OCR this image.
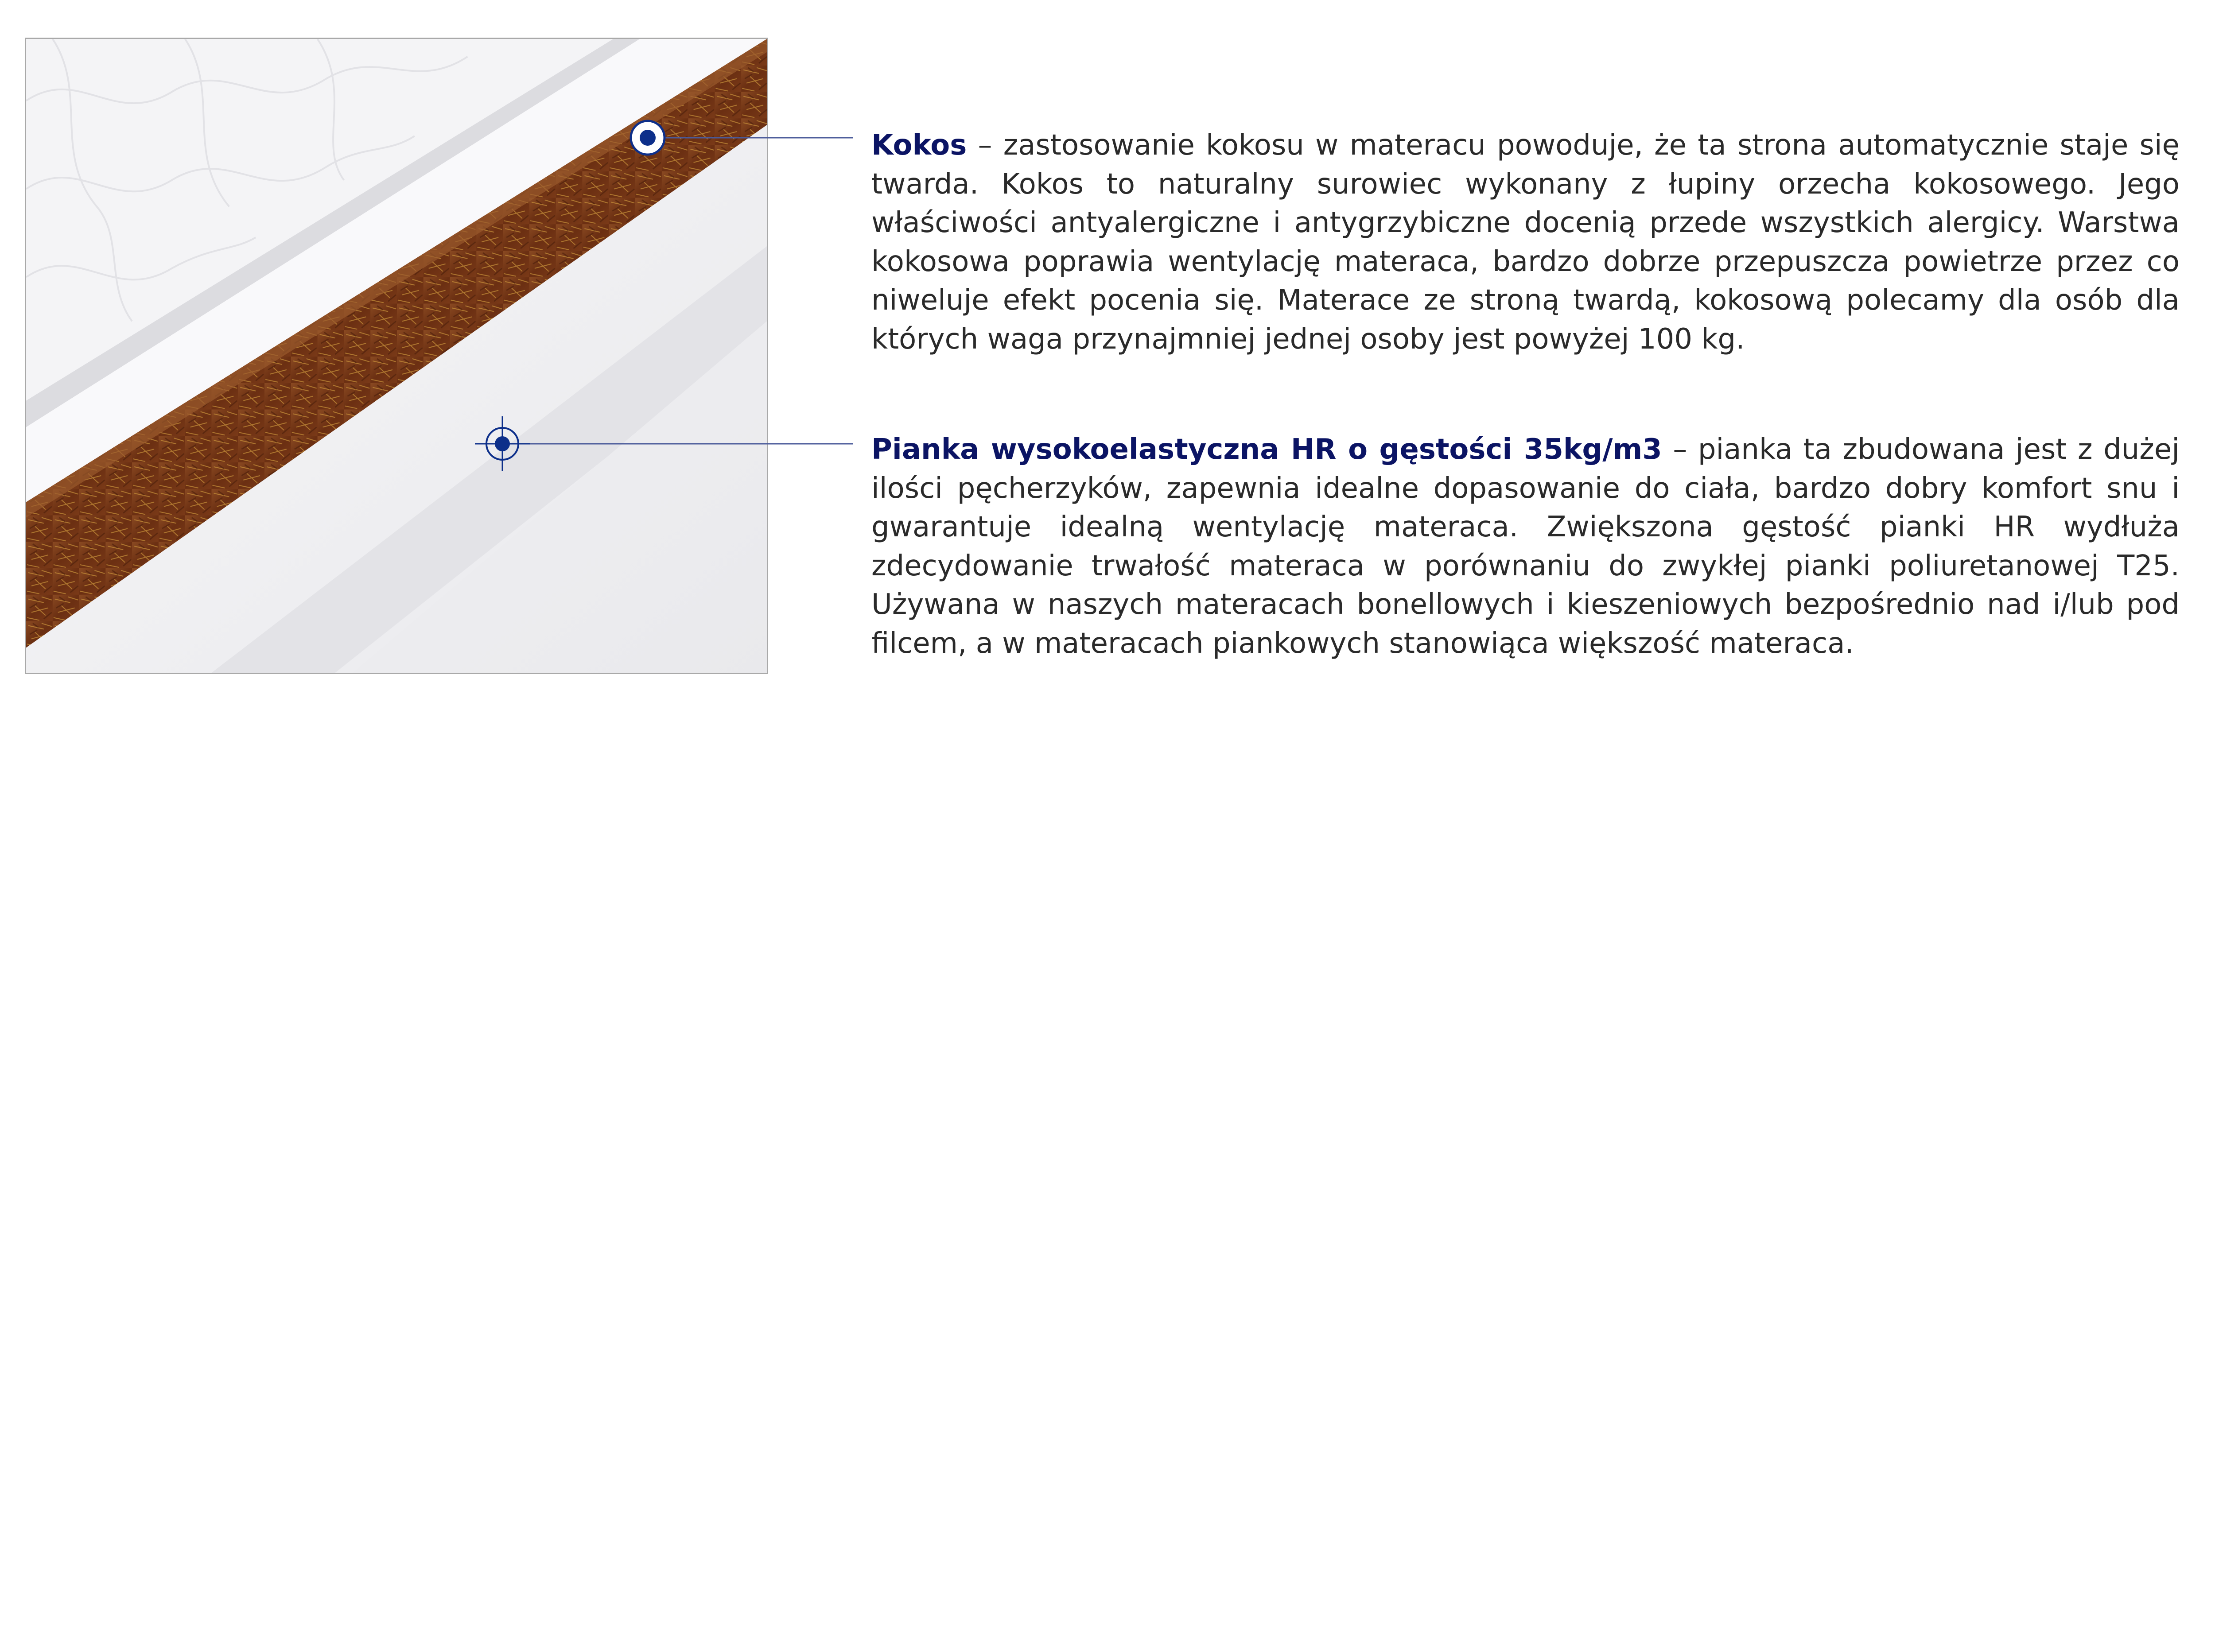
Kokos – zastosowanie kokosu w materacu powoduje, że ta strona automatycznie staje się twarda. Kokos to naturalny surowiec wykonany z łupiny orzecha kokosowego. Jego właściwości antyalergiczne i antygrzybiczne docenią przede wszystkich alergicy. Warstwa kokosowa poprawia wentylację materaca, bardzo dobrze przepuszcza powietrze przez co niweluje efekt pocenia się. Materace ze stroną twardą, kokosową polecamy dla osób dla których waga przynajmniej jednej osoby jest powyżej 100 kg.

Pianka wysokoelastyczna HR o gęstości 35kg/m3 – pianka ta zbudowana jest z dużej ilości pęcherzyków, zapewnia idealne dopasowanie do ciała, bardzo dobry komfort snu i gwarantuje idealną wentylację materaca. Zwiększona gęstość pianki HR wydłuża zdecydowanie trwałość materaca w porównaniu do zwykłej pianki poliuretanowej T25. Używana w naszych materacach bonellowych i kieszeniowych bezpośrednio nad i/lub pod filcem, a w materacach piankowych stanowiąca większość materaca.
